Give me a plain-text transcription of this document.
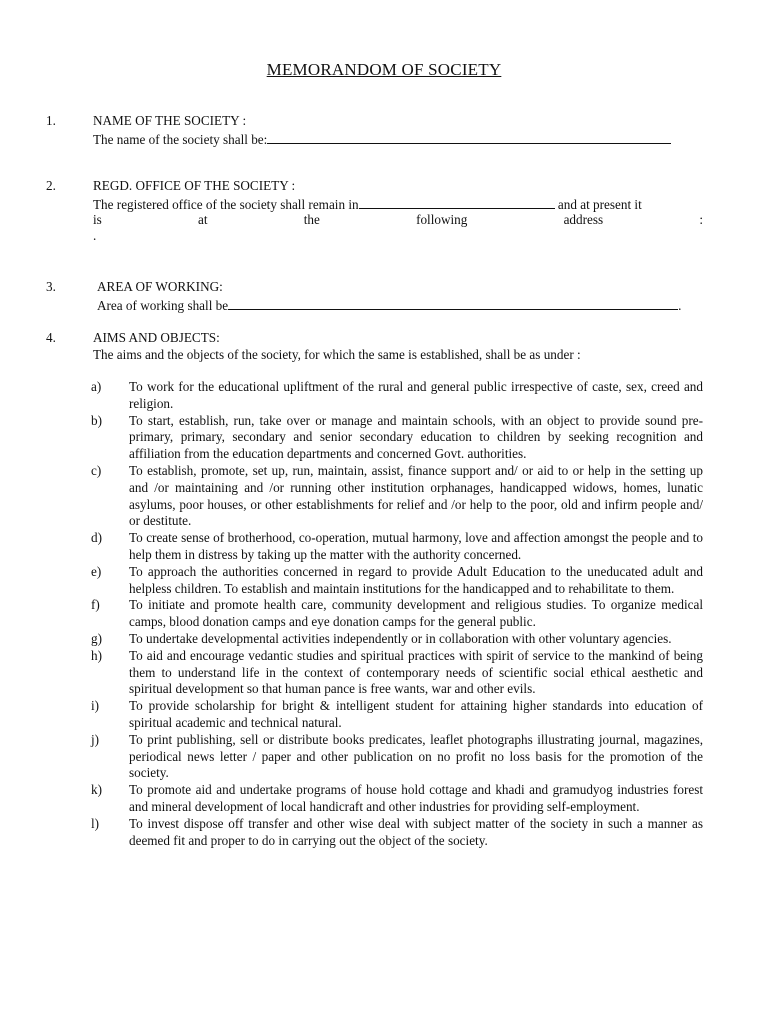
MEMORANDOM OF SOCIETY
1.	NAME OF THE SOCIETY :
The name of the society shall be:
2.	REGD. OFFICE OF THE SOCIETY :
The registered office of the society shall remain in	and at present it
is	at	the	following	address	:
.
3.	AREA OF WORKING:
Area of working shall be	.
4.	AIMS AND OBJECTS:
The aims and the objects of the society, for which the same is established, shall be as under :
a) To work for the educational upliftment of the rural and general public irrespective of caste, sex, creed and religion.
b) To start, establish, run, take over or manage and maintain schools, with an object to provide sound pre-primary, primary, secondary and senior secondary education to children by seeking recognition and affiliation from the education departments and concerned Govt. authorities.
c) To establish, promote, set up, run, maintain, assist, finance support and/ or aid to or help in the setting up and /or maintaining and /or running other institution orphanages, handicapped widows, homes, lunatic asylums, poor houses, or other establishments for relief and /or help to the poor, old and infirm people and/ or destitute.
d) To create sense of brotherhood, co-operation, mutual harmony, love and affection amongst the people and to help them in distress by taking up the matter with the authority concerned.
e) To approach the authorities concerned in regard to provide Adult Education to the uneducated adult and helpless children. To establish and maintain institutions for the handicapped and to rehabilitate to them.
f) To initiate and promote health care, community development and religious studies. To organize medical camps, blood donation camps and eye donation camps for the general public.
g) To undertake developmental activities independently or in collaboration with other voluntary agencies.
h) To aid and encourage vedantic studies and spiritual practices with spirit of service to the mankind of being them to understand life in the context of contemporary needs of scientific social ethical aesthetic and spiritual development so that human pance is free wants, war and other evils.
i) To provide scholarship for bright & intelligent student for attaining higher standards into education of spiritual academic and technical natural.
j) To print publishing, sell or distribute books predicates, leaflet photographs illustrating journal, magazines, periodical news letter / paper and other publication on no profit no loss basis for the promotion of the society.
k) To promote aid and undertake programs of house hold cottage and khadi and gramudyog industries forest and mineral development of local handicraft and other industries for providing self-employment.
l) To invest dispose off transfer and other wise deal with subject matter of the society in such a manner as deemed fit and proper to do in carrying out the object of the society.
